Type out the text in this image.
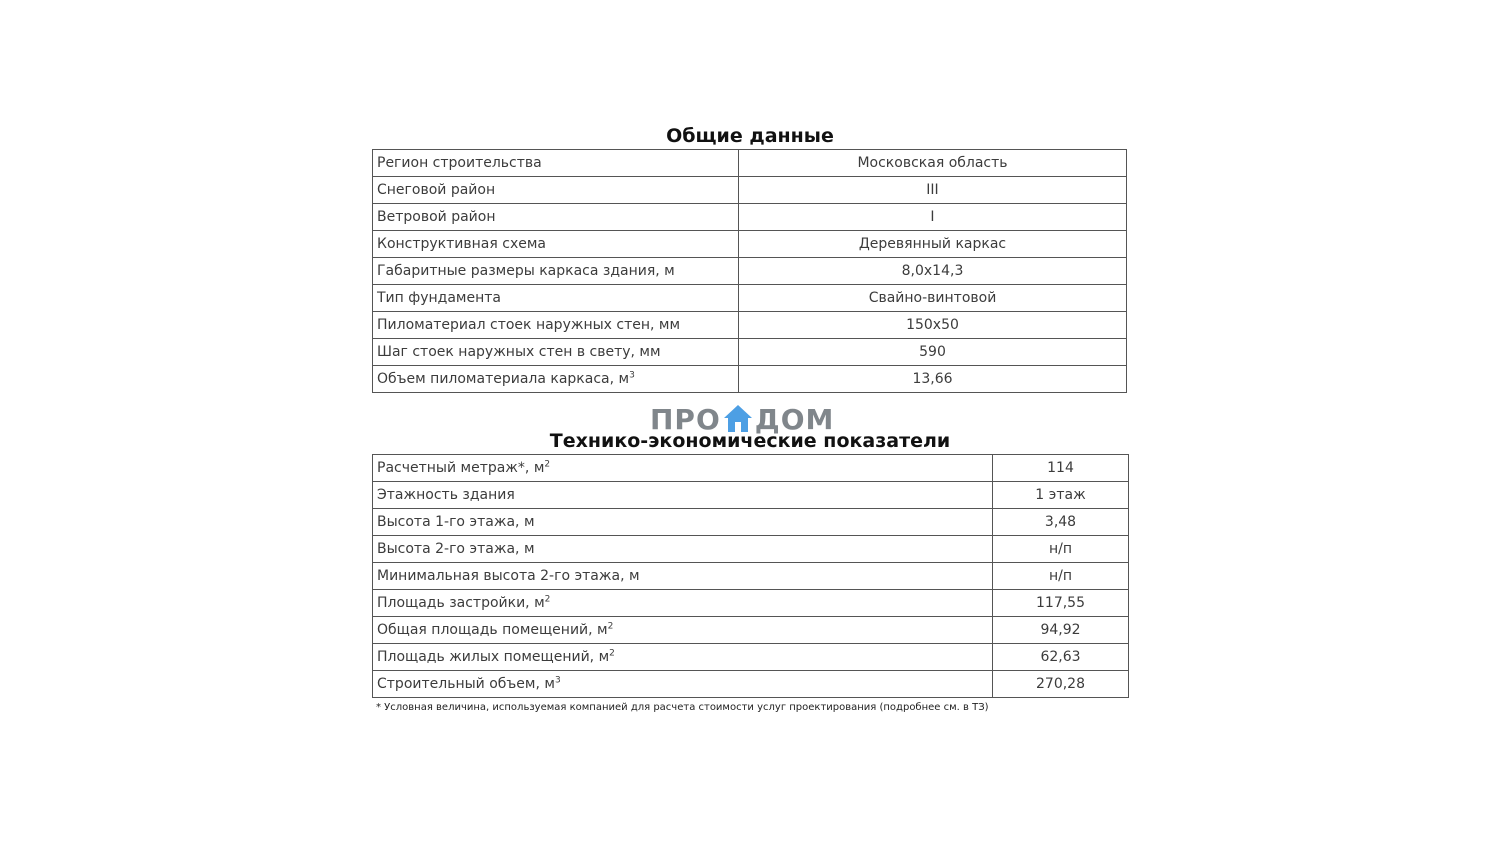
Общие данные
Регион строительства	Московская область
Снеговой район	III
Ветровой район	I
Конструктивная схема	Деревянный каркас
Габаритные размеры каркаса здания, м	8,0х14,3
Тип фундамента	Свайно-винтовой
Пиломатериал стоек наружных стен, мм	150х50
Шаг стоек наружных стен в свету, мм	590
Объем пиломатериала каркаса, $м^3$	13,66
ПРО ДОМ
Технико-экономические показатели
Расчетный метраж*, $м^2$	114
Этажность здания	1 этаж
Высота 1-го этажа, м	3,48
Высота 2-го этажа, м	н/п
Минимальная высота 2-го этажа, м	н/п
Площадь застройки, $м^2$	117,55
Общая площадь помещений, $м^2$	94,92
Площадь жилых помещений, $м^2$	62,63
Строительный объем, $м^3$	270,28
* Условная величина, используемая компанией для расчета стоимости услуг проектирования (подробнее см. в ТЗ)
